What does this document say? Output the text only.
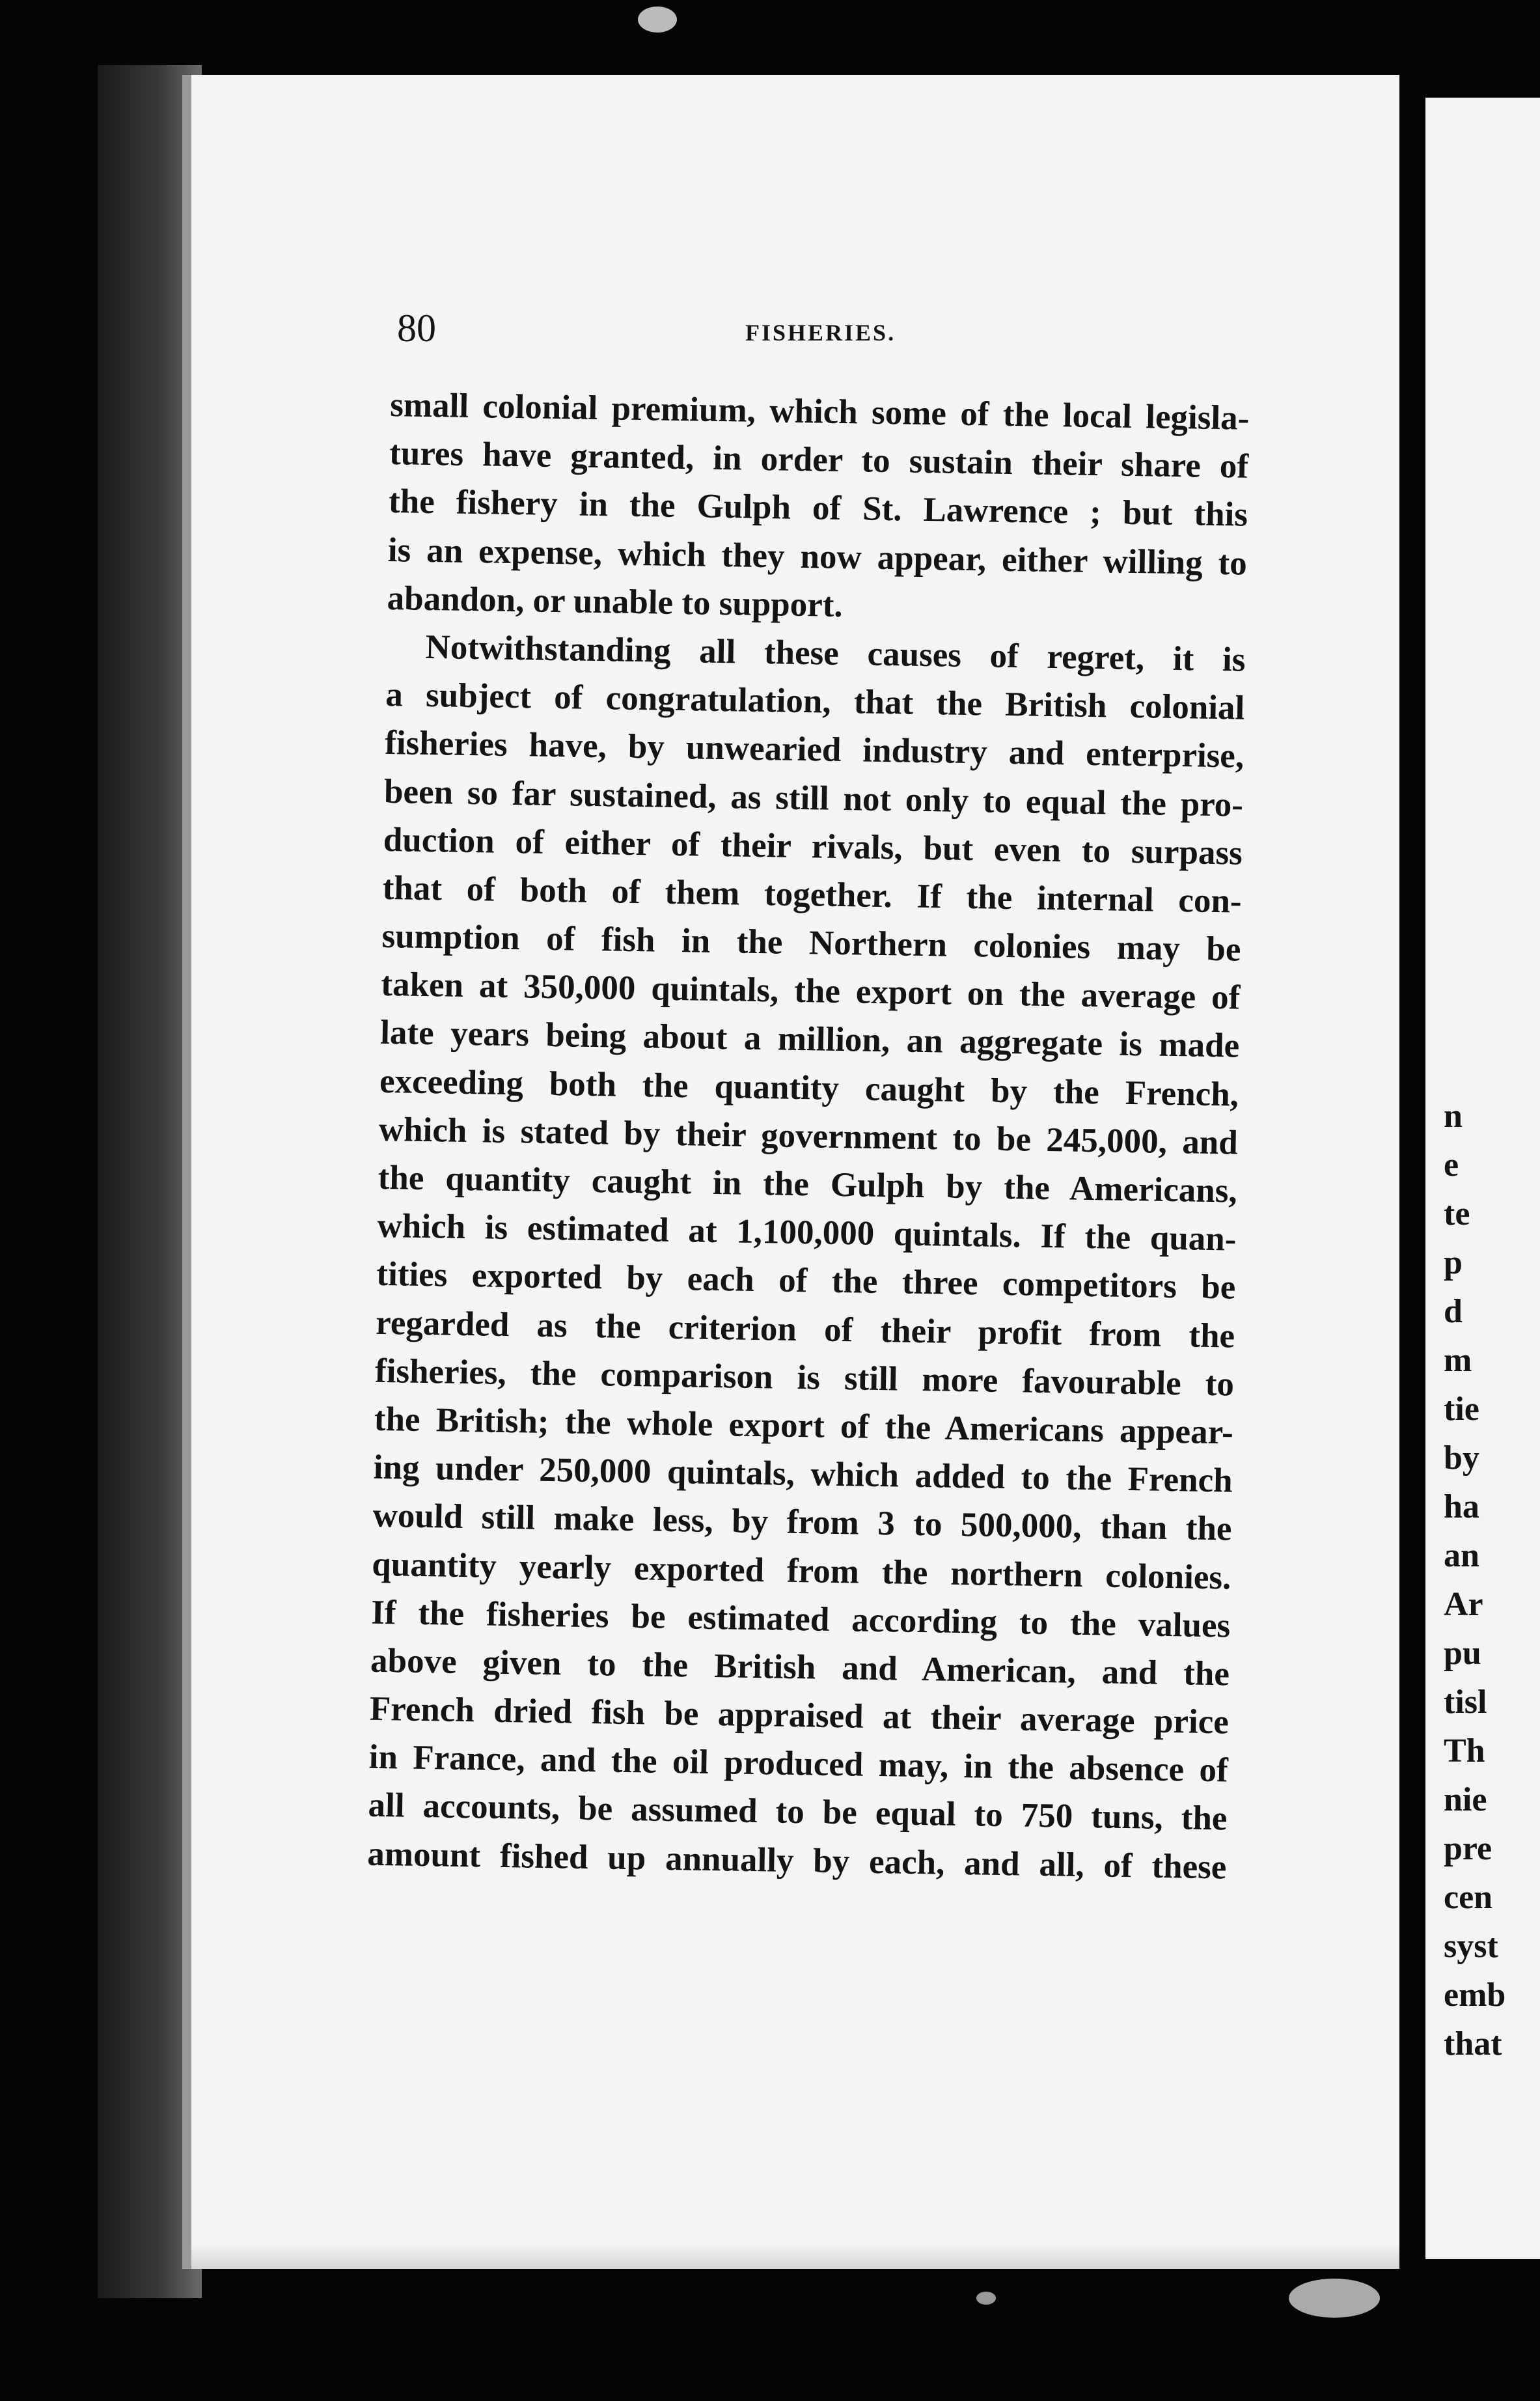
n
e
te
p
d
m
tie
by
ha
an
Ar
pu
tisl
Th
nie
pre
cen
syst
emb
that
80	FISHERIES.
small colonial premium, which some of the local legisla-
tures have granted, in order to sustain their share of
the fishery in the Gulph of St. Lawrence ; but this
is an expense, which they now appear, either willing to
abandon, or unable to support.
Notwithstanding all these causes of regret, it is
a subject of congratulation, that the British colonial
fisheries have, by unwearied industry and enterprise,
been so far sustained, as still not only to equal the pro-
duction of either of their rivals, but even to surpass
that of both of them together. If the internal con-
sumption of fish in the Northern colonies may be
taken at 350,000 quintals, the export on the average of
late years being about a million, an aggregate is made
exceeding both the quantity caught by the French,
which is stated by their government to be 245,000, and
the quantity caught in the Gulph by the Americans,
which is estimated at 1,100,000 quintals. If the quan-
tities exported by each of the three competitors be
regarded as the criterion of their profit from the
fisheries, the comparison is still more favourable to
the British; the whole export of the Americans appear-
ing under 250,000 quintals, which added to the French
would still make less, by from 3 to 500,000, than the
quantity yearly exported from the northern colonies.
If the fisheries be estimated according to the values
above given to the British and American, and the
French dried fish be appraised at their average price
in France, and the oil produced may, in the absence of
all accounts, be assumed to be equal to 750 tuns, the
amount fished up annually by each, and all, of these
